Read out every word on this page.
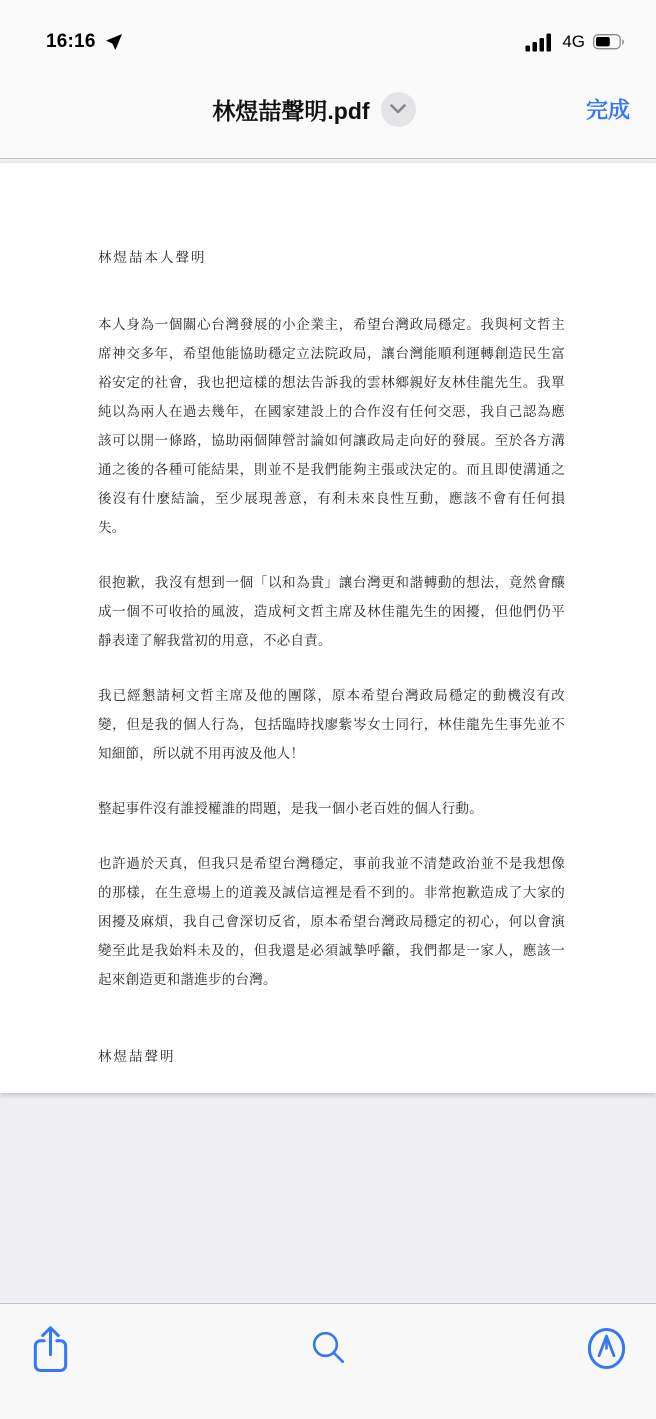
16:16	4G
林煜喆聲明.pdf	完成

林煜喆本人聲明

本人身為一個關心台灣發展的小企業主，希望台灣政局穩定。我與柯文哲主席神交多年，希望他能協助穩定立法院政局，讓台灣能順利運轉創造民生富裕安定的社會，我也把這樣的想法告訴我的雲林鄉親好友林佳龍先生。我單純以為兩人在過去幾年，在國家建設上的合作沒有任何交惡，我自己認為應該可以開一條路，協助兩個陣營討論如何讓政局走向好的發展。至於各方溝通之後的各種可能結果，則並不是我們能夠主張或決定的。而且即使溝通之後沒有什麼結論，至少展現善意，有利未來良性互動，應該不會有任何損失。

很抱歉，我沒有想到一個「以和為貴」讓台灣更和諧轉動的想法，竟然會釀成一個不可收拾的風波，造成柯文哲主席及林佳龍先生的困擾，但他們仍平靜表達了解我當初的用意，不必自責。

我已經懇請柯文哲主席及他的團隊，原本希望台灣政局穩定的動機沒有改變，但是我的個人行為，包括臨時找廖紫岑女士同行，林佳龍先生事先並不知細節，所以就不用再波及他人！

整起事件沒有誰授權誰的問題，是我一個小老百姓的個人行動。

也許過於天真，但我只是希望台灣穩定，事前我並不清楚政治並不是我想像的那樣，在生意場上的道義及誠信這裡是看不到的。非常抱歉造成了大家的困擾及麻煩，我自己會深切反省，原本希望台灣政局穩定的初心，何以會演變至此是我始料未及的，但我還是必須誠摯呼籲，我們都是一家人，應該一起來創造更和諧進步的台灣。

林煜喆聲明
